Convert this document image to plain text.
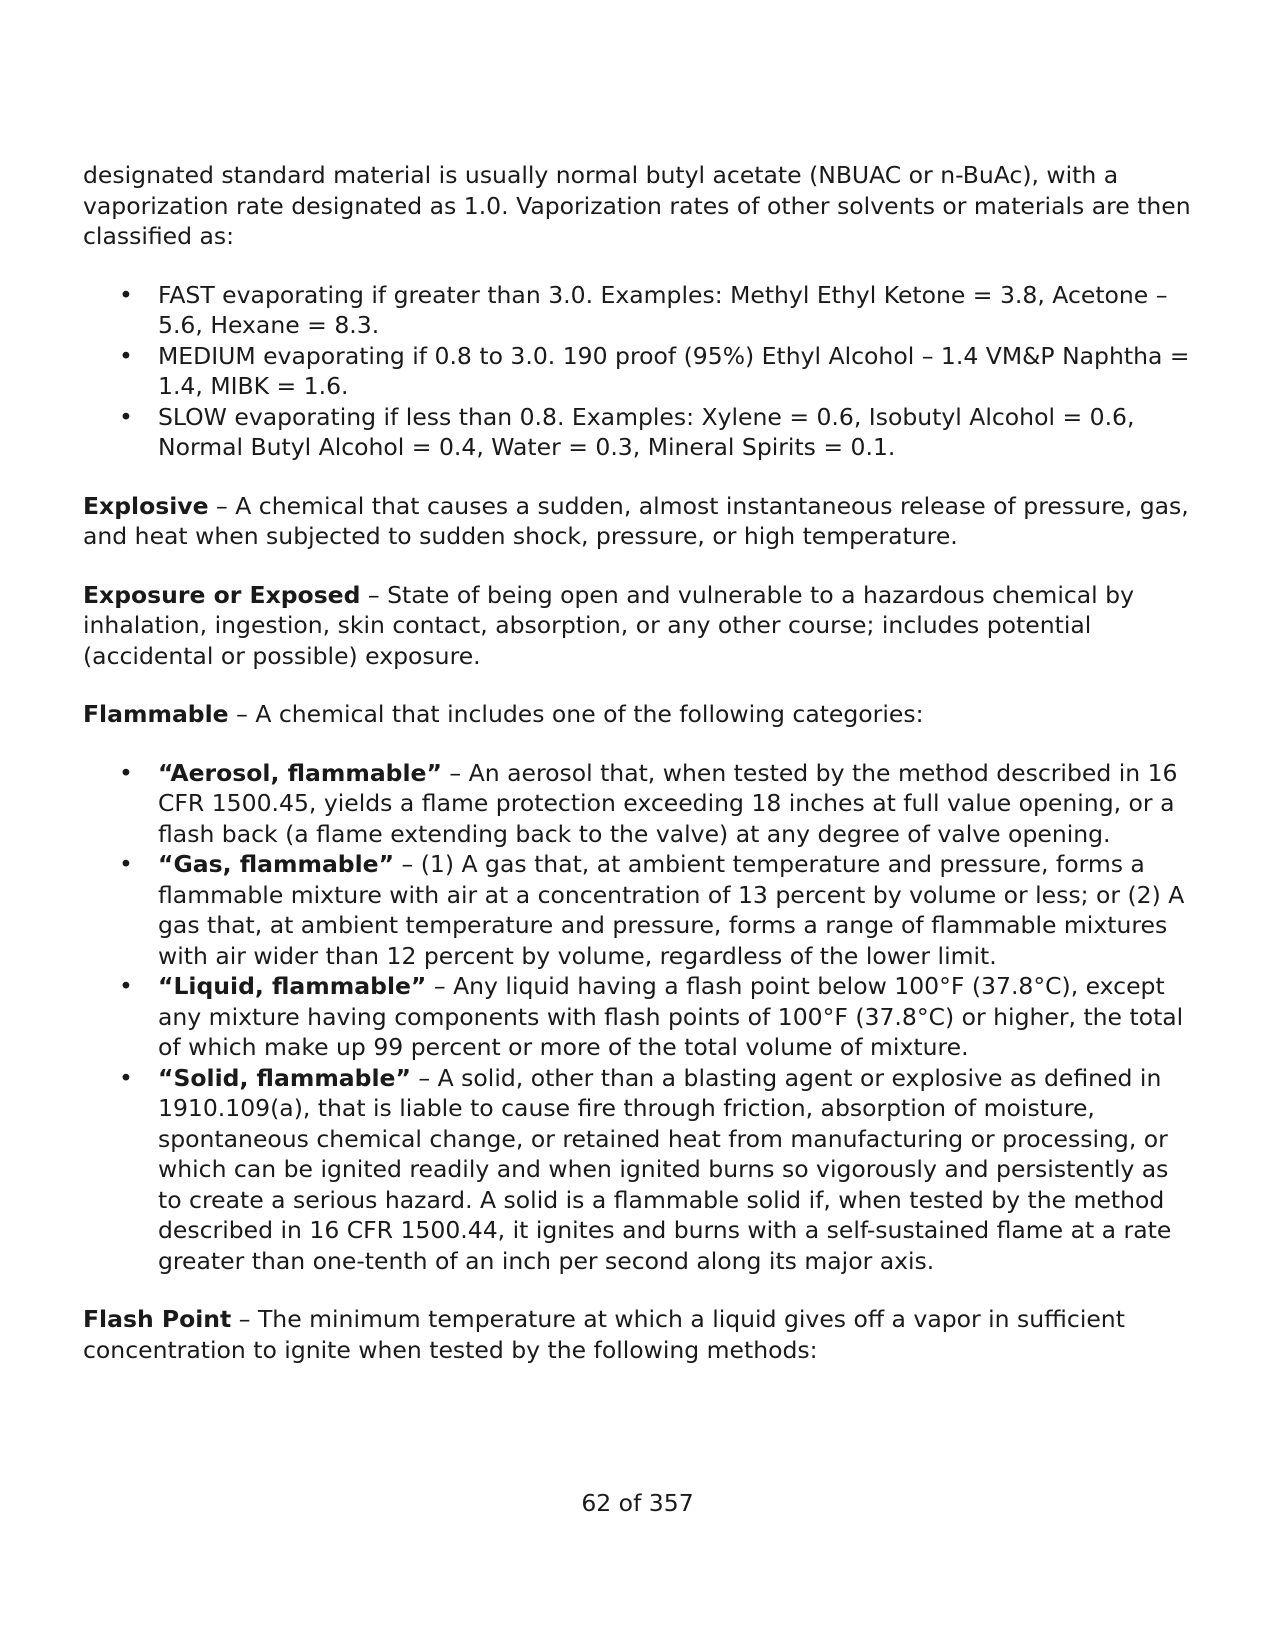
designated standard material is usually normal butyl acetate (NBUAC or n-BuAc), with a vaporization rate designated as 1.0. Vaporization rates of other solvents or materials are then classified as:

• FAST evaporating if greater than 3.0. Examples: Methyl Ethyl Ketone = 3.8, Acetone – 5.6, Hexane = 8.3.
• MEDIUM evaporating if 0.8 to 3.0. 190 proof (95%) Ethyl Alcohol – 1.4 VM&P Naphtha = 1.4, MIBK = 1.6.
• SLOW evaporating if less than 0.8. Examples: Xylene = 0.6, Isobutyl Alcohol = 0.6, Normal Butyl Alcohol = 0.4, Water = 0.3, Mineral Spirits = 0.1.

Explosive – A chemical that causes a sudden, almost instantaneous release of pressure, gas, and heat when subjected to sudden shock, pressure, or high temperature.

Exposure or Exposed – State of being open and vulnerable to a hazardous chemical by inhalation, ingestion, skin contact, absorption, or any other course; includes potential (accidental or possible) exposure.

Flammable – A chemical that includes one of the following categories:

• “Aerosol, flammable” – An aerosol that, when tested by the method described in 16 CFR 1500.45, yields a flame protection exceeding 18 inches at full value opening, or a flash back (a flame extending back to the valve) at any degree of valve opening.
• “Gas, flammable” – (1) A gas that, at ambient temperature and pressure, forms a flammable mixture with air at a concentration of 13 percent by volume or less; or (2) A gas that, at ambient temperature and pressure, forms a range of flammable mixtures with air wider than 12 percent by volume, regardless of the lower limit.
• “Liquid, flammable” – Any liquid having a flash point below 100°F (37.8°C), except any mixture having components with flash points of 100°F (37.8°C) or higher, the total of which make up 99 percent or more of the total volume of mixture.
• “Solid, flammable” – A solid, other than a blasting agent or explosive as defined in 1910.109(a), that is liable to cause fire through friction, absorption of moisture, spontaneous chemical change, or retained heat from manufacturing or processing, or which can be ignited readily and when ignited burns so vigorously and persistently as to create a serious hazard. A solid is a flammable solid if, when tested by the method described in 16 CFR 1500.44, it ignites and burns with a self-sustained flame at a rate greater than one-tenth of an inch per second along its major axis.

Flash Point – The minimum temperature at which a liquid gives off a vapor in sufficient concentration to ignite when tested by the following methods:

62 of 357
